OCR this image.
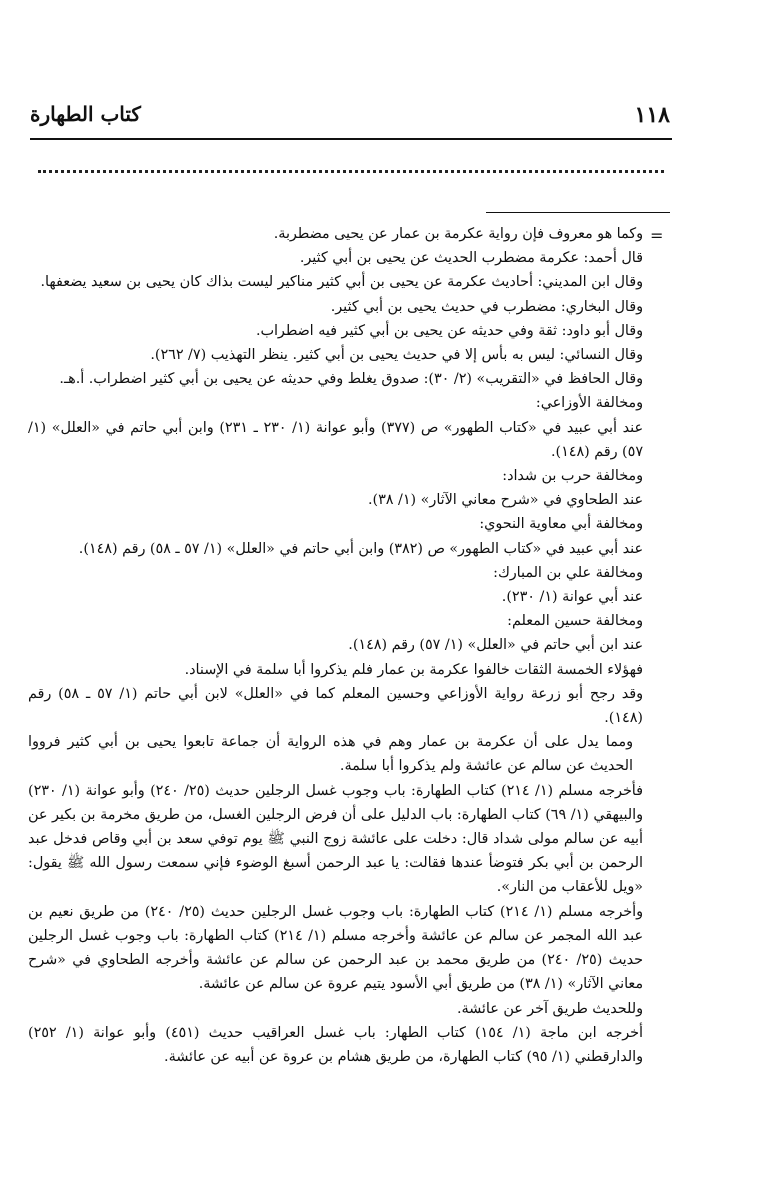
١١٨
كتاب الطهارة
=

وكما هو معروف فإن رواية عكرمة بن عمار عن يحيى مضطربة.

قال أحمد: عكرمة مضطرب الحديث عن يحيى بن أبي كثير.

وقال ابن المديني: أحاديث عكرمة عن يحيى بن أبي كثير مناكير ليست بذاك كان يحيى بن سعيد يضعفها.

وقال البخاري: مضطرب في حديث يحيى بن أبي كثير.

وقال أبو داود: ثقة وفي حديثه عن يحيى بن أبي كثير فيه اضطراب.

وقال النسائي: ليس به بأس إلا في حديث يحيى بن أبي كثير. ينظر التهذيب (٧/ ٢٦٢).

وقال الحافظ في «التقريب» (٢/ ٣٠): صدوق يغلط وفي حديثه عن يحيى بن أبي كثير اضطراب. أ.هـ.

ومخالفة الأوزاعي:

عند أبي عبيد في «كتاب الطهور» ص (٣٧٧) وأبو عوانة (١/ ٢٣٠ ـ ٢٣١) وابن أبي حاتم في «العلل» (١/ ٥٧) رقم (١٤٨).

ومخالفة حرب بن شداد:

عند الطحاوي في «شرح معاني الآثار» (١/ ٣٨).

ومخالفة أبي معاوية النحوي:

عند أبي عبيد في «كتاب الطهور» ص (٣٨٢) وابن أبي حاتم في «العلل» (١/ ٥٧ ـ ٥٨) رقم (١٤٨).

ومخالفة علي بن المبارك:

عند أبي عوانة (١/ ٢٣٠).

ومخالفة حسين المعلم:

عند ابن أبي حاتم في «العلل» (١/ ٥٧) رقم (١٤٨).

فهؤلاء الخمسة الثقات خالفوا عكرمة بن عمار فلم يذكروا أبا سلمة في الإسناد.

وقد رجح أبو زرعة رواية الأوزاعي وحسين المعلم كما في «العلل» لابن أبي حاتم (١/ ٥٧ ـ ٥٨) رقم (١٤٨).

ومما يدل على أن عكرمة بن عمار وهم في هذه الرواية أن جماعة تابعوا يحيى بن أبي كثير فرووا الحديث عن سالم عن عائشة ولم يذكروا أبا سلمة.

فأخرجه مسلم (١/ ٢١٤) كتاب الطهارة: باب وجوب غسل الرجلين حديث (٢٥/ ٢٤٠) وأبو عوانة (١/ ٢٣٠) والبيهقي (١/ ٦٩) كتاب الطهارة: باب الدليل على أن فرض الرجلين الغسل، من طريق مخرمة بن بكير عن أبيه عن سالم مولى شداد قال: دخلت على عائشة زوج النبي ﷺ يوم توفي سعد بن أبي وقاص فدخل عبد الرحمن بن أبي بكر فتوضأ عندها فقالت: يا عبد الرحمن أسبغ الوضوء فإني سمعت رسول الله ﷺ يقول: «ويل للأعقاب من النار».

وأخرجه مسلم (١/ ٢١٤) كتاب الطهارة: باب وجوب غسل الرجلين حديث (٢٥/ ٢٤٠) من طريق نعيم بن عبد الله المجمر عن سالم عن عائشة وأخرجه مسلم (١/ ٢١٤) كتاب الطهارة: باب وجوب غسل الرجلين حديث (٢٥/ ٢٤٠) من طريق محمد بن عبد الرحمن عن سالم عن عائشة وأخرجه الطحاوي في «شرح معاني الآثار» (١/ ٣٨) من طريق أبي الأسود يتيم عروة عن سالم عن عائشة.

وللحديث طريق آخر عن عائشة.

أخرجه ابن ماجة (١/ ١٥٤) كتاب الطهار: باب غسل العراقيب حديث (٤٥١) وأبو عوانة (١/ ٢٥٢) والدارقطني (١/ ٩٥) كتاب الطهارة، من طريق هشام بن عروة عن أبيه عن عائشة.
